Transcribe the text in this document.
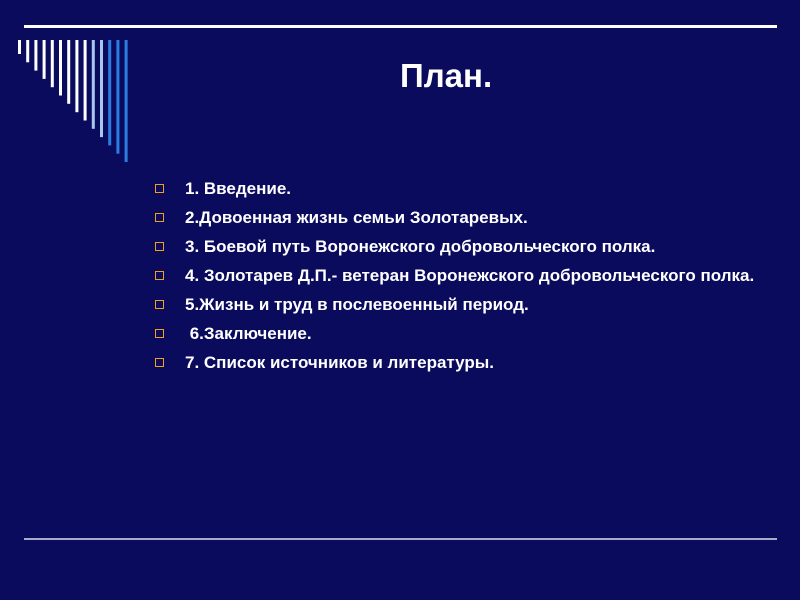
План.
1. Введение.
2.Довоенная жизнь семьи Золотаревых.
3. Боевой путь Воронежского добровольческого полка.
4. Золотарев Д.П.- ветеран Воронежского добровольческого полка.
5.Жизнь и труд в послевоенный период.
6.Заключение.
7. Список источников и литературы.
